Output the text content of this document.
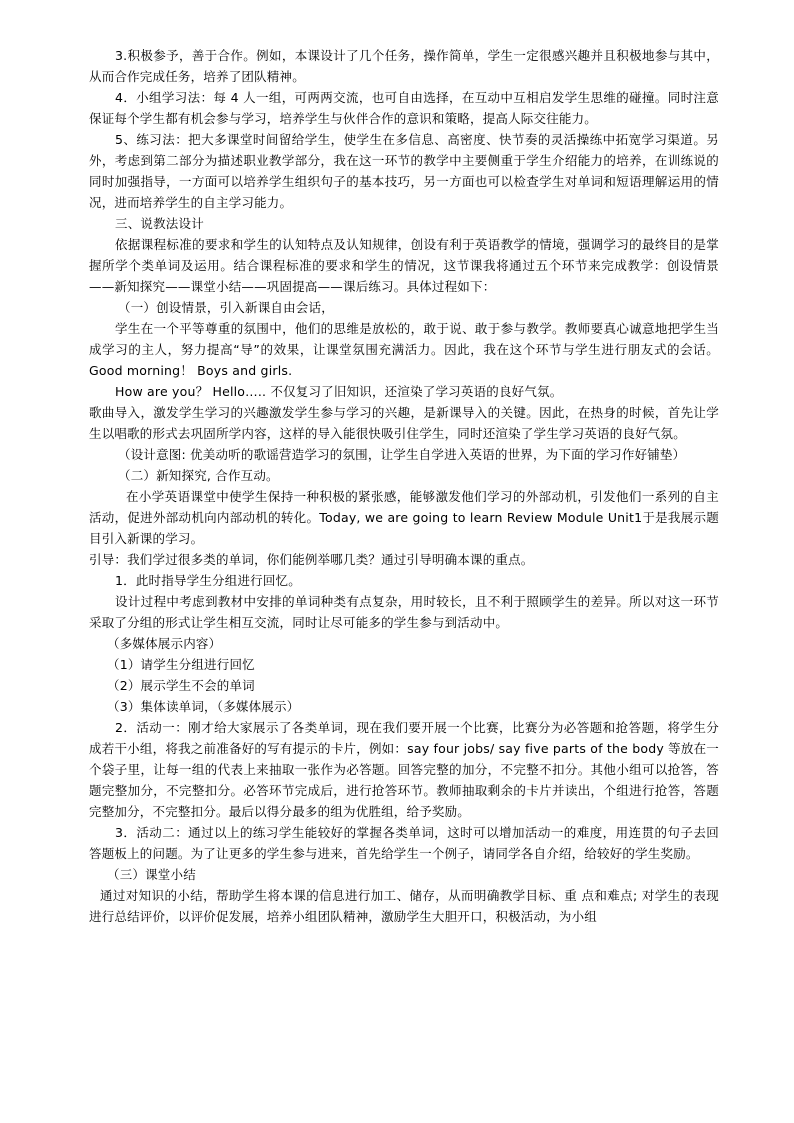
3.积极参予，善于合作。例如，本课设计了几个任务，操作简单，学生一定很感兴趣并且积极地参与其中，从而合作完成任务，培养了团队精神。

4．小组学习法：每 4 人一组，可两两交流，也可自由选择，在互动中互相启发学生思维的碰撞。同时注意保证每个学生都有机会参与学习，培养学生与伙伴合作的意识和策略，提高人际交往能力。

5、练习法：把大多课堂时间留给学生，使学生在多信息、高密度、快节奏的灵活操练中拓宽学习渠道。另外，考虑到第二部分为描述职业教学部分，我在这一环节的教学中主要侧重于学生介绍能力的培养，在训练说的同时加强指导，一方面可以培养学生组织句子的基本技巧，另一方面也可以检查学生对单词和短语理解运用的情况，进而培养学生的自主学习能力。

三、说教法设计

依据课程标准的要求和学生的认知特点及认知规律，创设有利于英语教学的情境，强调学习的最终目的是掌握所学个类单词及运用。结合课程标准的要求和学生的情况，这节课我将通过五个环节来完成教学：创设情景——新知探究——课堂小结——巩固提高——课后练习。具体过程如下：

（一）创设情景，引入新课自由会话，

学生在一个平等尊重的氛围中，他们的思维是放松的，敢于说、敢于参与教学。教师要真心诚意地把学生当成学习的主人，努力提高“导”的效果，让课堂氛围充满活力。因此，我在这个环节与学生进行朋友式的会话。Good morning！ Boys and girls.

How are you？ Hello….. 不仅复习了旧知识，还渲染了学习英语的良好气氛。

歌曲导入，激发学生学习的兴趣激发学生参与学习的兴趣，是新课导入的关键。因此，在热身的时候，首先让学生以唱歌的形式去巩固所学内容，这样的导入能很快吸引住学生，同时还渲染了学生学习英语的良好气氛。

（设计意图: 优美动听的歌谣营造学习的氛围，让学生自学进入英语的世界，为下面的学习作好铺垫）

（二）新知探究, 合作互动。

在小学英语课堂中使学生保持一种积极的紧张感，能够激发他们学习的外部动机，引发他们一系列的自主活动，促进外部动机向内部动机的转化。Today, we are going to learn Review Module Unit1于是我展示题目引入新课的学习。

引导：我们学过很多类的单词，你们能例举哪几类？通过引导明确本课的重点。

1．此时指导学生分组进行回忆。

设计过程中考虑到教材中安排的单词种类有点复杂，用时较长，且不利于照顾学生的差异。所以对这一环节采取了分组的形式让学生相互交流，同时让尽可能多的学生参与到活动中。

（多媒体展示内容）

（1）请学生分组进行回忆

（2）展示学生不会的单词

（3）集体读单词，（多媒体展示）

2．活动一：刚才给大家展示了各类单词，现在我们要开展一个比赛，比赛分为必答题和抢答题，将学生分成若干小组，将我之前准备好的写有提示的卡片，例如：say four jobs/ say five parts of the body 等放在一个袋子里，让每一组的代表上来抽取一张作为必答题。回答完整的加分，不完整不扣分。其他小组可以抢答，答题完整加分，不完整扣分。必答环节完成后，进行抢答环节。教师抽取剩余的卡片并读出，个组进行抢答，答题完整加分，不完整扣分。最后以得分最多的组为优胜组，给予奖励。

3．活动二：通过以上的练习学生能较好的掌握各类单词，这时可以增加活动一的难度，用连贯的句子去回答题板上的问题。为了让更多的学生参与进来，首先给学生一个例子，请同学各自介绍，给较好的学生奖励。

（三）课堂小结

通过对知识的小结，帮助学生将本课的信息进行加工、储存，从而明确教学目标、重 点和难点; 对学生的表现进行总结评价，以评价促发展，培养小组团队精神，激励学生大胆开口，积极活动，为小组
